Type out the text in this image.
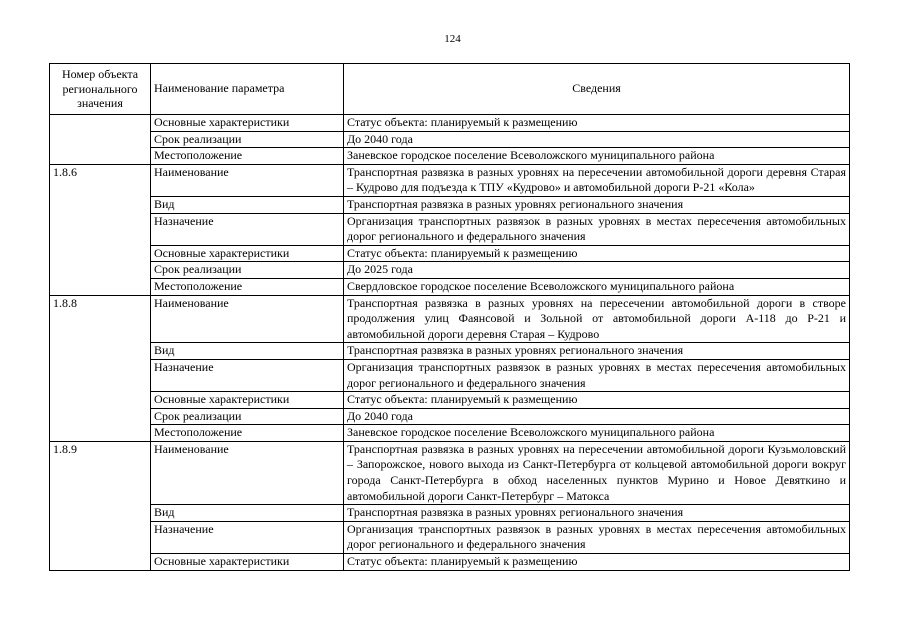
124
Номер объекта регионального значения	Наименование параметра	Сведения
	Основные характеристики	Статус объекта: планируемый к размещению
	Срок реализации	До 2040 года
	Местоположение	Заневское городское поселение Всеволожского муниципального района
1.8.6	Наименование	Транспортная развязка в разных уровнях на пересечении автомобильной дороги деревня Старая – Кудрово для подъезда к ТПУ «Кудрово» и автомобильной дороги Р-21 «Кола»
	Вид	Транспортная развязка в разных уровнях регионального значения
	Назначение	Организация транспортных развязок в разных уровнях в местах пересечения автомобильных дорог регионального и федерального значения
	Основные характеристики	Статус объекта: планируемый к размещению
	Срок реализации	До 2025 года
	Местоположение	Свердловское городское поселение Всеволожского муниципального района
1.8.8	Наименование	Транспортная развязка в разных уровнях на пересечении автомобильной дороги в створе продолжения улиц Фаянсовой и Зольной от автомобильной дороги А-118 до Р-21 и автомобильной дороги деревня Старая – Кудрово
	Вид	Транспортная развязка в разных уровнях регионального значения
	Назначение	Организация транспортных развязок в разных уровнях в местах пересечения автомобильных дорог регионального и федерального значения
	Основные характеристики	Статус объекта: планируемый к размещению
	Срок реализации	До 2040 года
	Местоположение	Заневское городское поселение Всеволожского муниципального района
1.8.9	Наименование	Транспортная развязка в разных уровнях на пересечении автомобильной дороги Кузьмоловский – Запорожское, нового выхода из Санкт-Петербурга от кольцевой автомобильной дороги вокруг города Санкт-Петербурга в обход населенных пунктов Мурино и Новое Девяткино и автомобильной дороги Санкт-Петербург – Матокса
	Вид	Транспортная развязка в разных уровнях регионального значения
	Назначение	Организация транспортных развязок в разных уровнях в местах пересечения автомобильных дорог регионального и федерального значения
	Основные характеристики	Статус объекта: планируемый к размещению
